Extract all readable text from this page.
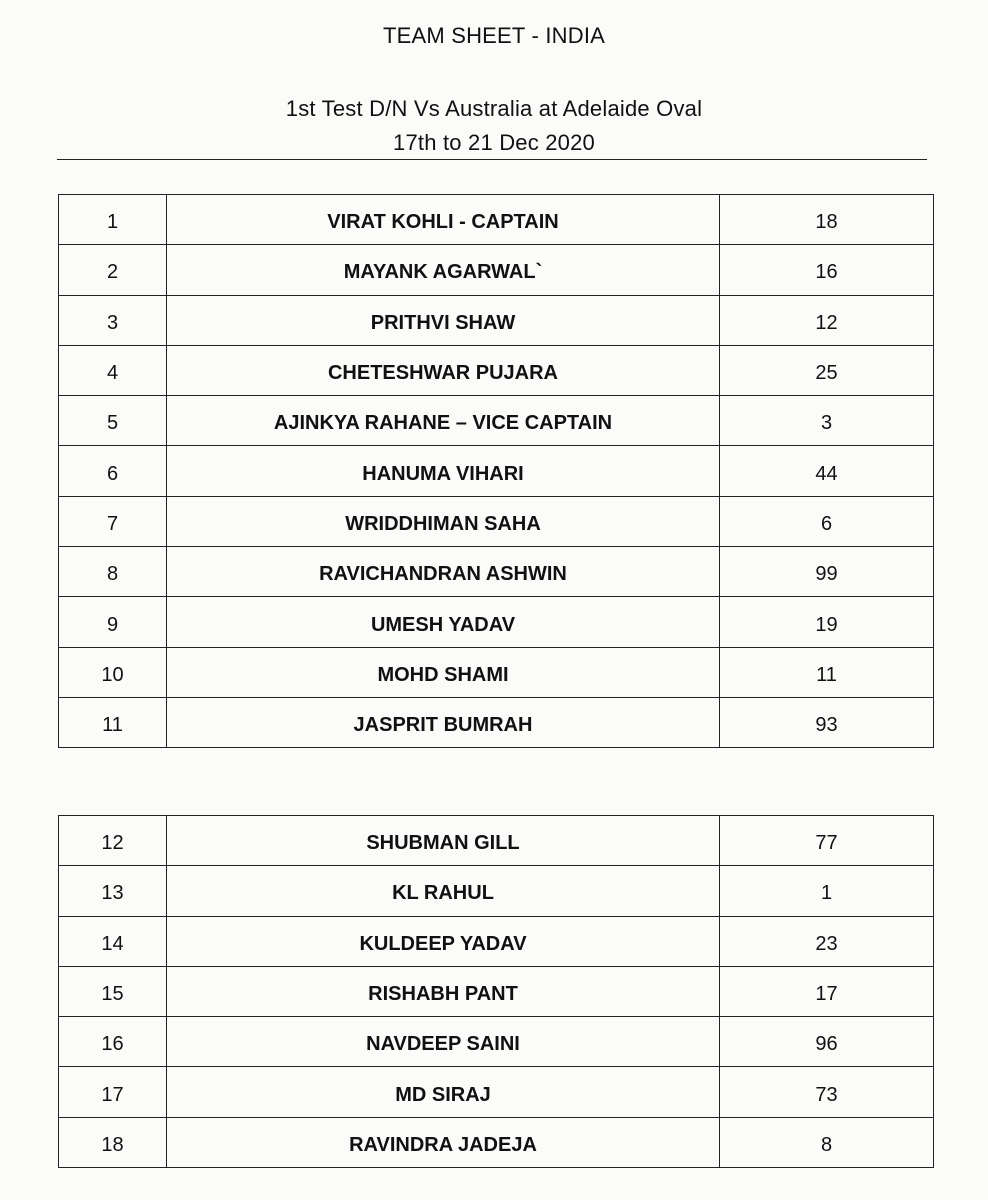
TEAM SHEET - INDIA
1st Test D/N Vs Australia at Adelaide Oval
17th to 21 Dec 2020
1	VIRAT KOHLI - CAPTAIN	18
2	MAYANK AGARWAL`	16
3	PRITHVI SHAW	12
4	CHETESHWAR PUJARA	25
5	AJINKYA RAHANE – VICE CAPTAIN	3
6	HANUMA VIHARI	44
7	WRIDDHIMAN SAHA	6
8	RAVICHANDRAN ASHWIN	99
9	UMESH YADAV	19
10	MOHD SHAMI	11
11	JASPRIT BUMRAH	93
12	SHUBMAN GILL	77
13	KL RAHUL	1
14	KULDEEP YADAV	23
15	RISHABH PANT	17
16	NAVDEEP SAINI	96
17	MD SIRAJ	73
18	RAVINDRA JADEJA	8
